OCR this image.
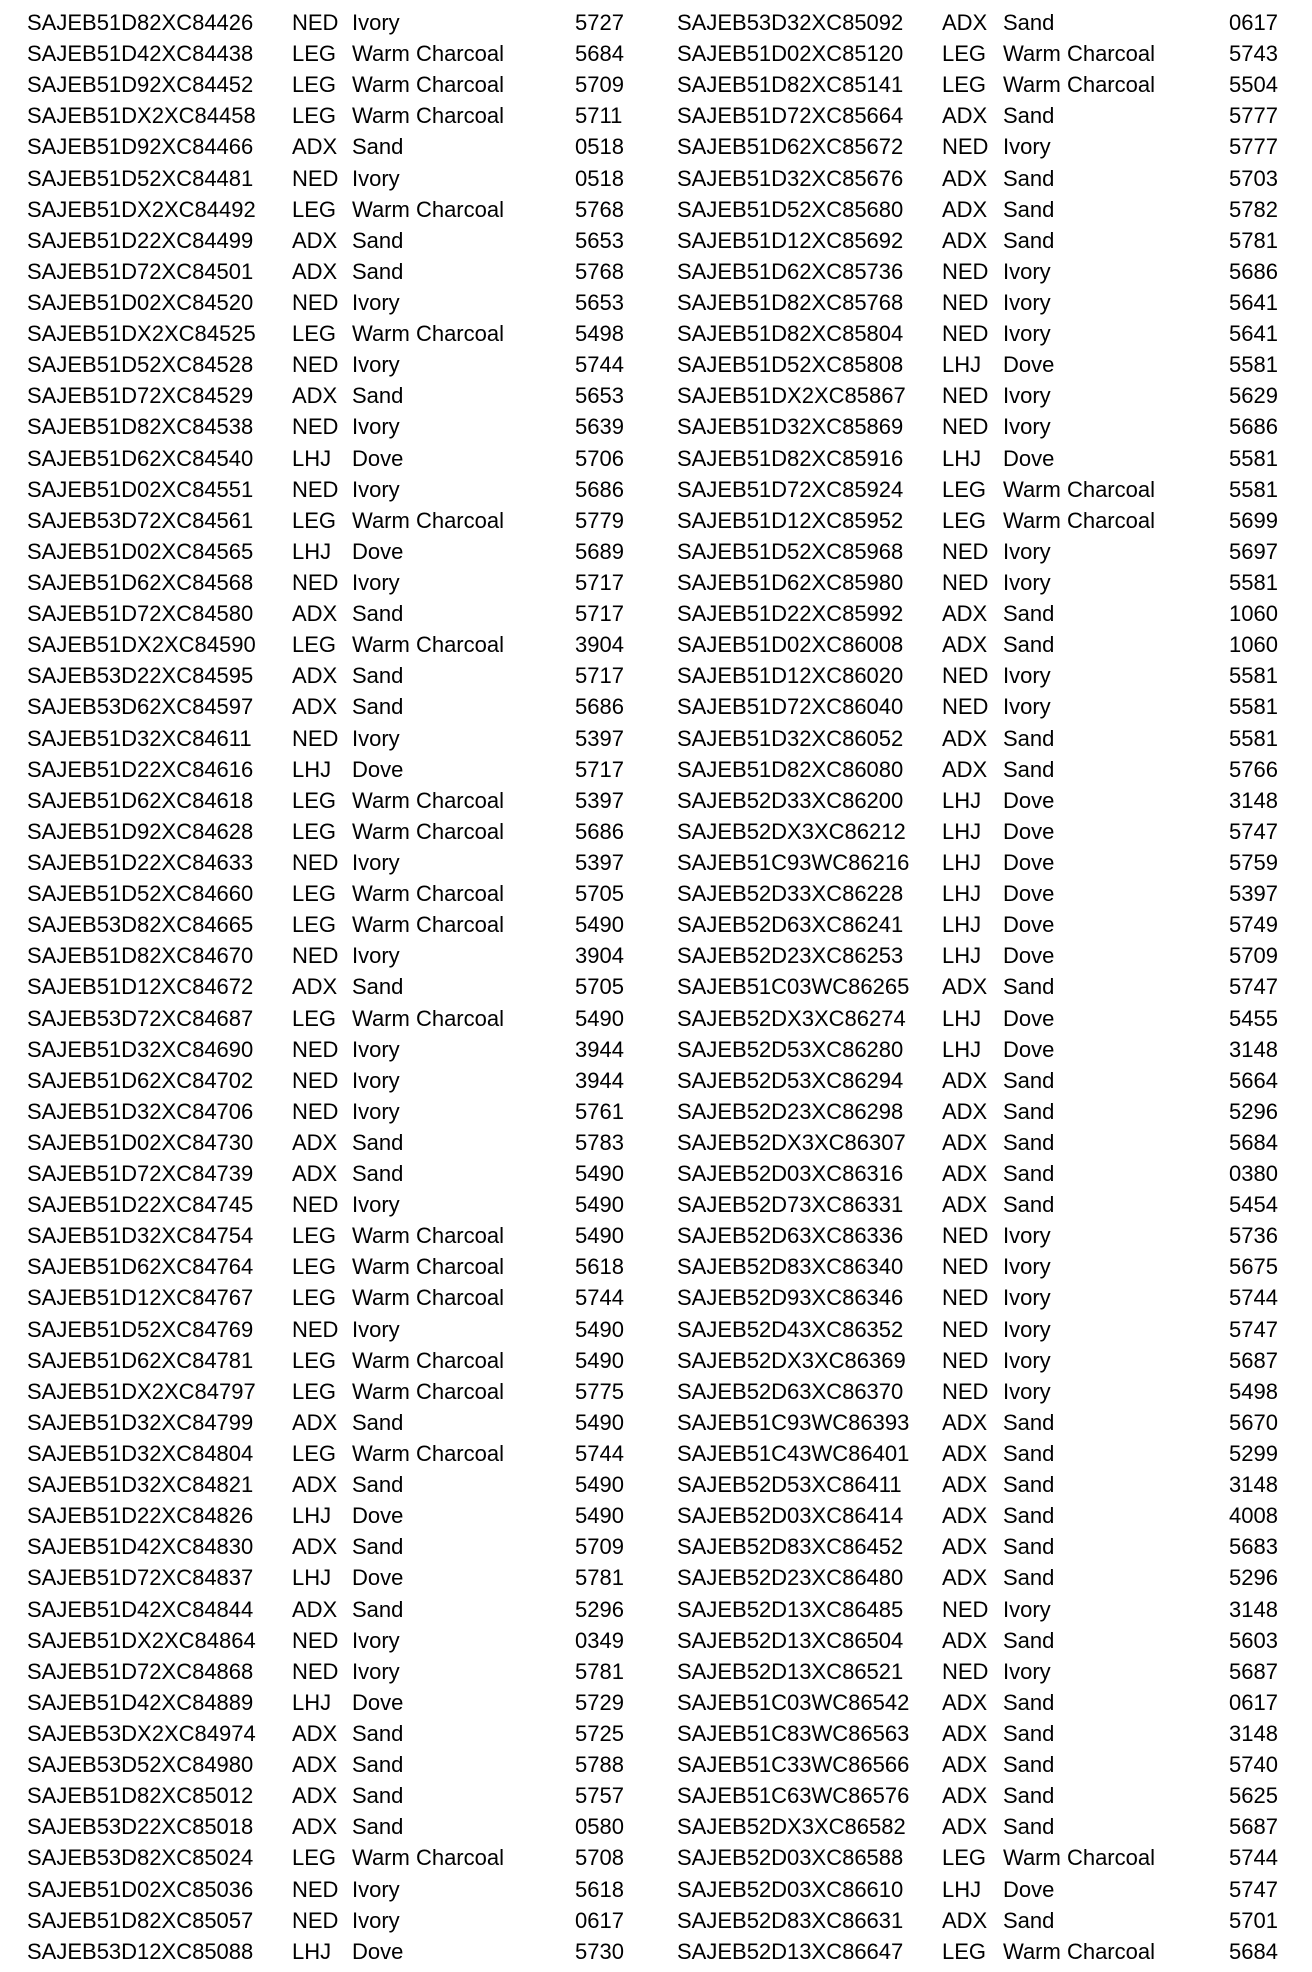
SAJEB51D82XC84426 NED Ivory	5727
SAJEB51D42XC84438 LEG Warm Charcoal	5684
SAJEB51D92XC84452 LEG Warm Charcoal	5709
SAJEB51DX2XC84458 LEG Warm Charcoal	5711
SAJEB51D92XC84466 ADX Sand	0518
SAJEB51D52XC84481 NED Ivory	0518
SAJEB51DX2XC84492 LEG Warm Charcoal	5768
SAJEB51D22XC84499 ADX Sand	5653
SAJEB51D72XC84501 ADX Sand	5768
SAJEB51D02XC84520 NED Ivory	5653
SAJEB51DX2XC84525 LEG Warm Charcoal	5498
SAJEB51D52XC84528 NED Ivory	5744
SAJEB51D72XC84529 ADX Sand	5653
SAJEB51D82XC84538 NED Ivory	5639
SAJEB51D62XC84540 LHJ Dove	5706
SAJEB51D02XC84551 NED Ivory	5686
SAJEB53D72XC84561 LEG Warm Charcoal	5779
SAJEB51D02XC84565 LHJ Dove	5689
SAJEB51D62XC84568 NED Ivory	5717
SAJEB51D72XC84580 ADX Sand	5717
SAJEB51DX2XC84590 LEG Warm Charcoal	3904
SAJEB53D22XC84595 ADX Sand	5717
SAJEB53D62XC84597 ADX Sand	5686
SAJEB51D32XC84611 NED Ivory	5397
SAJEB51D22XC84616 LHJ Dove	5717
SAJEB51D62XC84618 LEG Warm Charcoal	5397
SAJEB51D92XC84628 LEG Warm Charcoal	5686
SAJEB51D22XC84633 NED Ivory	5397
SAJEB51D52XC84660 LEG Warm Charcoal	5705
SAJEB53D82XC84665 LEG Warm Charcoal	5490
SAJEB51D82XC84670 NED Ivory	3904
SAJEB51D12XC84672 ADX Sand	5705
SAJEB53D72XC84687 LEG Warm Charcoal	5490
SAJEB51D32XC84690 NED Ivory	3944
SAJEB51D62XC84702 NED Ivory	3944
SAJEB51D32XC84706 NED Ivory	5761
SAJEB51D02XC84730 ADX Sand	5783
SAJEB51D72XC84739 ADX Sand	5490
SAJEB51D22XC84745 NED Ivory	5490
SAJEB51D32XC84754 LEG Warm Charcoal	5490
SAJEB51D62XC84764 LEG Warm Charcoal	5618
SAJEB51D12XC84767 LEG Warm Charcoal	5744
SAJEB51D52XC84769 NED Ivory	5490
SAJEB51D62XC84781 LEG Warm Charcoal	5490
SAJEB51DX2XC84797 LEG Warm Charcoal	5775
SAJEB51D32XC84799 ADX Sand	5490
SAJEB51D32XC84804 LEG Warm Charcoal	5744
SAJEB51D32XC84821 ADX Sand	5490
SAJEB51D22XC84826 LHJ Dove	5490
SAJEB51D42XC84830 ADX Sand	5709
SAJEB51D72XC84837 LHJ Dove	5781
SAJEB51D42XC84844 ADX Sand	5296
SAJEB51DX2XC84864 NED Ivory	0349
SAJEB51D72XC84868 NED Ivory	5781
SAJEB51D42XC84889 LHJ Dove	5729
SAJEB53DX2XC84974 ADX Sand	5725
SAJEB53D52XC84980 ADX Sand	5788
SAJEB51D82XC85012 ADX Sand	5757
SAJEB53D22XC85018 ADX Sand	0580
SAJEB53D82XC85024 LEG Warm Charcoal	5708
SAJEB51D02XC85036 NED Ivory	5618
SAJEB51D82XC85057 NED Ivory	0617
SAJEB53D12XC85088 LHJ Dove	5730
SAJEB53D32XC85092 ADX Sand	0617
SAJEB51D02XC85120 LEG Warm Charcoal	5743
SAJEB51D82XC85141 LEG Warm Charcoal	5504
SAJEB51D72XC85664 ADX Sand	5777
SAJEB51D62XC85672 NED Ivory	5777
SAJEB51D32XC85676 ADX Sand	5703
SAJEB51D52XC85680 ADX Sand	5782
SAJEB51D12XC85692 ADX Sand	5781
SAJEB51D62XC85736 NED Ivory	5686
SAJEB51D82XC85768 NED Ivory	5641
SAJEB51D82XC85804 NED Ivory	5641
SAJEB51D52XC85808 LHJ Dove	5581
SAJEB51DX2XC85867 NED Ivory	5629
SAJEB51D32XC85869 NED Ivory	5686
SAJEB51D82XC85916 LHJ Dove	5581
SAJEB51D72XC85924 LEG Warm Charcoal	5581
SAJEB51D12XC85952 LEG Warm Charcoal	5699
SAJEB51D52XC85968 NED Ivory	5697
SAJEB51D62XC85980 NED Ivory	5581
SAJEB51D22XC85992 ADX Sand	1060
SAJEB51D02XC86008 ADX Sand	1060
SAJEB51D12XC86020 NED Ivory	5581
SAJEB51D72XC86040 NED Ivory	5581
SAJEB51D32XC86052 ADX Sand	5581
SAJEB51D82XC86080 ADX Sand	5766
SAJEB52D33XC86200 LHJ Dove	3148
SAJEB52DX3XC86212 LHJ Dove	5747
SAJEB51C93WC86216 LHJ Dove	5759
SAJEB52D33XC86228 LHJ Dove	5397
SAJEB52D63XC86241 LHJ Dove	5749
SAJEB52D23XC86253 LHJ Dove	5709
SAJEB51C03WC86265 ADX Sand	5747
SAJEB52DX3XC86274 LHJ Dove	5455
SAJEB52D53XC86280 LHJ Dove	3148
SAJEB52D53XC86294 ADX Sand	5664
SAJEB52D23XC86298 ADX Sand	5296
SAJEB52DX3XC86307 ADX Sand	5684
SAJEB52D03XC86316 ADX Sand	0380
SAJEB52D73XC86331 ADX Sand	5454
SAJEB52D63XC86336 NED Ivory	5736
SAJEB52D83XC86340 NED Ivory	5675
SAJEB52D93XC86346 NED Ivory	5744
SAJEB52D43XC86352 NED Ivory	5747
SAJEB52DX3XC86369 NED Ivory	5687
SAJEB52D63XC86370 NED Ivory	5498
SAJEB51C93WC86393 ADX Sand	5670
SAJEB51C43WC86401 ADX Sand	5299
SAJEB52D53XC86411 ADX Sand	3148
SAJEB52D03XC86414 ADX Sand	4008
SAJEB52D83XC86452 ADX Sand	5683
SAJEB52D23XC86480 ADX Sand	5296
SAJEB52D13XC86485 NED Ivory	3148
SAJEB52D13XC86504 ADX Sand	5603
SAJEB52D13XC86521 NED Ivory	5687
SAJEB51C03WC86542 ADX Sand	0617
SAJEB51C83WC86563 ADX Sand	3148
SAJEB51C33WC86566 ADX Sand	5740
SAJEB51C63WC86576 ADX Sand	5625
SAJEB52DX3XC86582 ADX Sand	5687
SAJEB52D03XC86588 LEG Warm Charcoal	5744
SAJEB52D03XC86610 LHJ Dove	5747
SAJEB52D83XC86631 ADX Sand	5701
SAJEB52D13XC86647 LEG Warm Charcoal	5684
